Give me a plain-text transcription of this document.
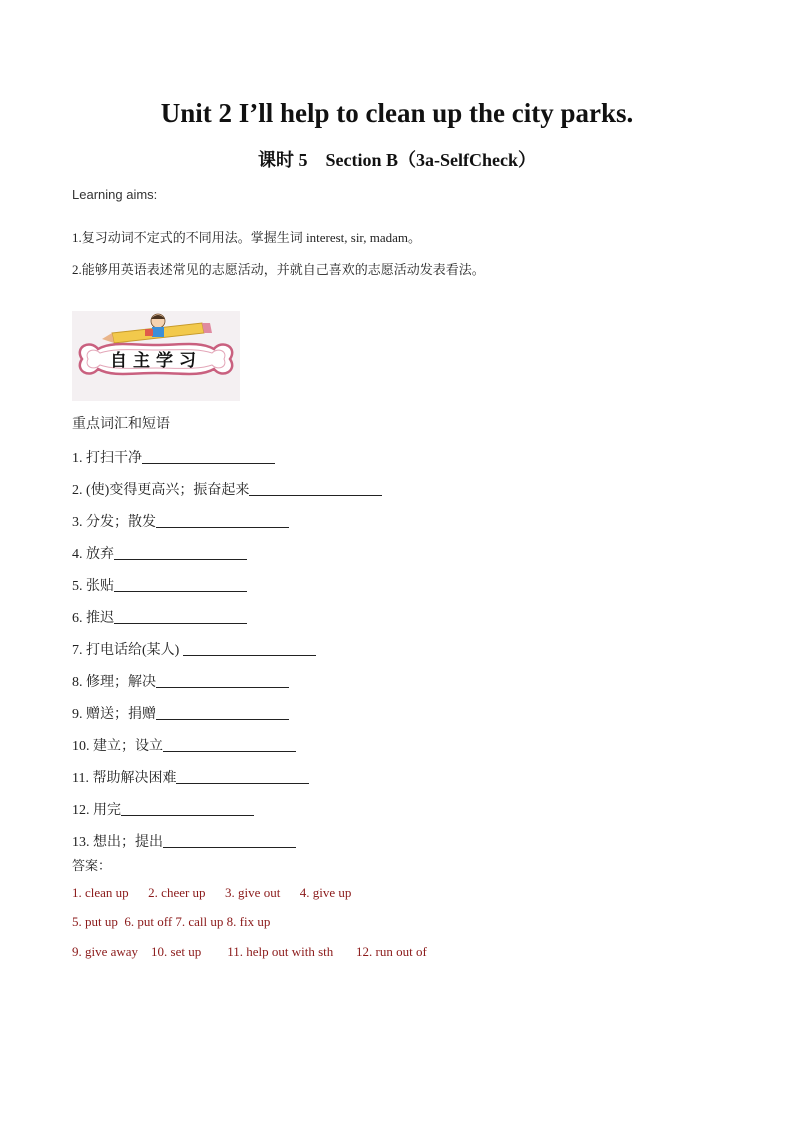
Unit 2 I’ll help to clean up the city parks.
课时 5 Section B（3a-SelfCheck）
Learning aims:
1.复习动词不定式的不同用法。掌握生词 interest, sir, madam。
2.能够用英语表述常见的志愿活动，并就自己喜欢的志愿活动发表看法。
自主学习
重点词汇和短语
1. 打扫干净
2. (使)变得更高兴；振奋起来
3. 分发；散发
4. 放弃
5. 张贴
6. 推迟
7. 打电话给(某人)
8. 修理；解决
9. 赠送；捐赠
10. 建立；设立
11. 帮助解决困难
12. 用完
13. 想出；提出
答案：
1. clean up      2. cheer up      3. give out      4. give up
5. put up  6. put off 7. call up 8. fix up
9. give away    10. set up        11. help out with sth       12. run out of
